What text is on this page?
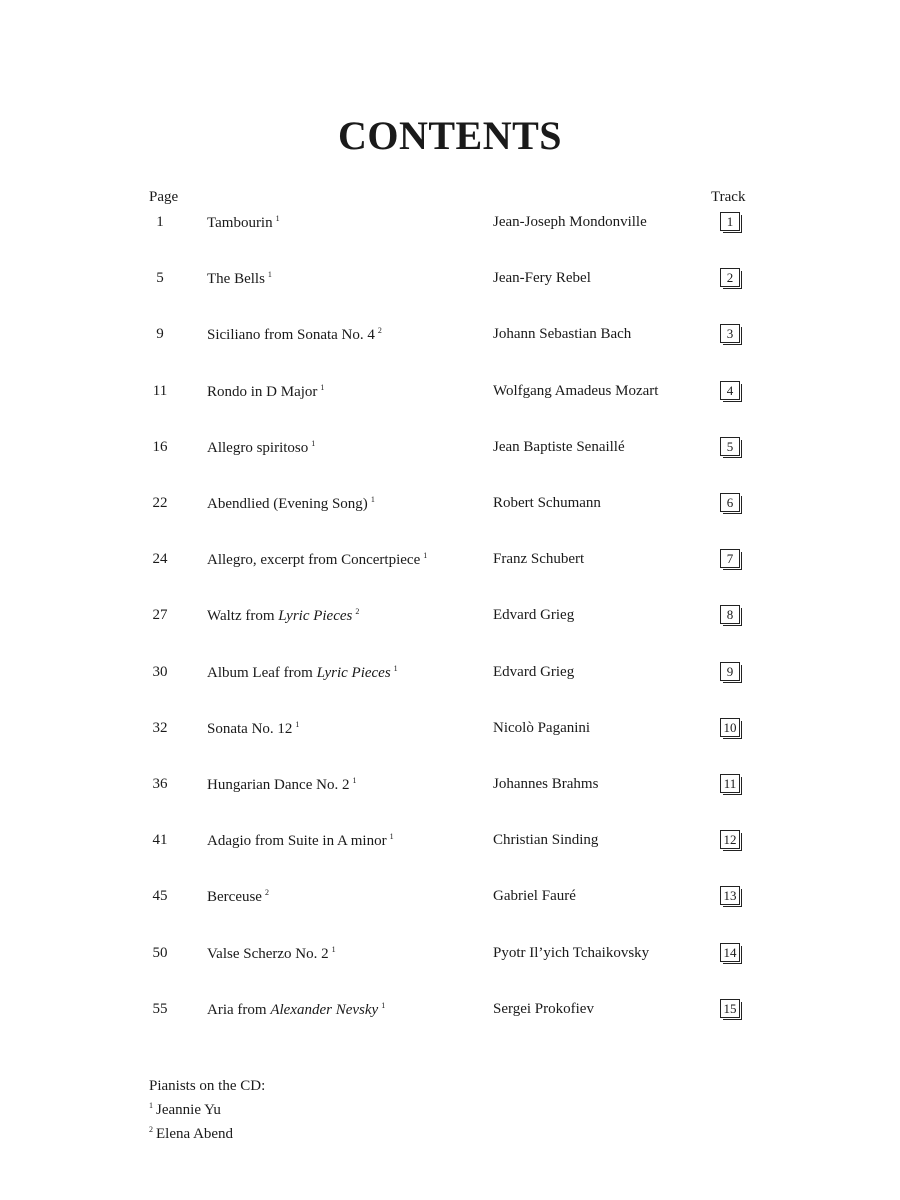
CONTENTS
Page	Track
1	Tambourin $^1$	Jean-Joseph Mondonville	1
5	The Bells $^1$	Jean-Fery Rebel	2
9	Siciliano from Sonata No. 4 $^2$	Johann Sebastian Bach	3
11	Rondo in D Major $^1$	Wolfgang Amadeus Mozart	4
16	Allegro spiritoso $^1$	Jean Baptiste Senaillé	5
22	Abendlied (Evening Song) $^1$	Robert Schumann	6
24	Allegro, excerpt from Concertpiece $^1$	Franz Schubert	7
27	Waltz from Lyric Pieces $^2$	Edvard Grieg	8
30	Album Leaf from Lyric Pieces $^1$	Edvard Grieg	9
32	Sonata No. 12 $^1$	Nicolò Paganini	10
36	Hungarian Dance No. 2 $^1$	Johannes Brahms	11
41	Adagio from Suite in A minor $^1$	Christian Sinding	12
45	Berceuse $^2$	Gabriel Fauré	13
50	Valse Scherzo No. 2 $^1$	Pyotr Il’yich Tchaikovsky	14
55	Aria from Alexander Nevsky $^1$	Sergei Prokofiev	15
Pianists on the CD:
$^1$ Jeannie Yu
$^2$ Elena Abend
